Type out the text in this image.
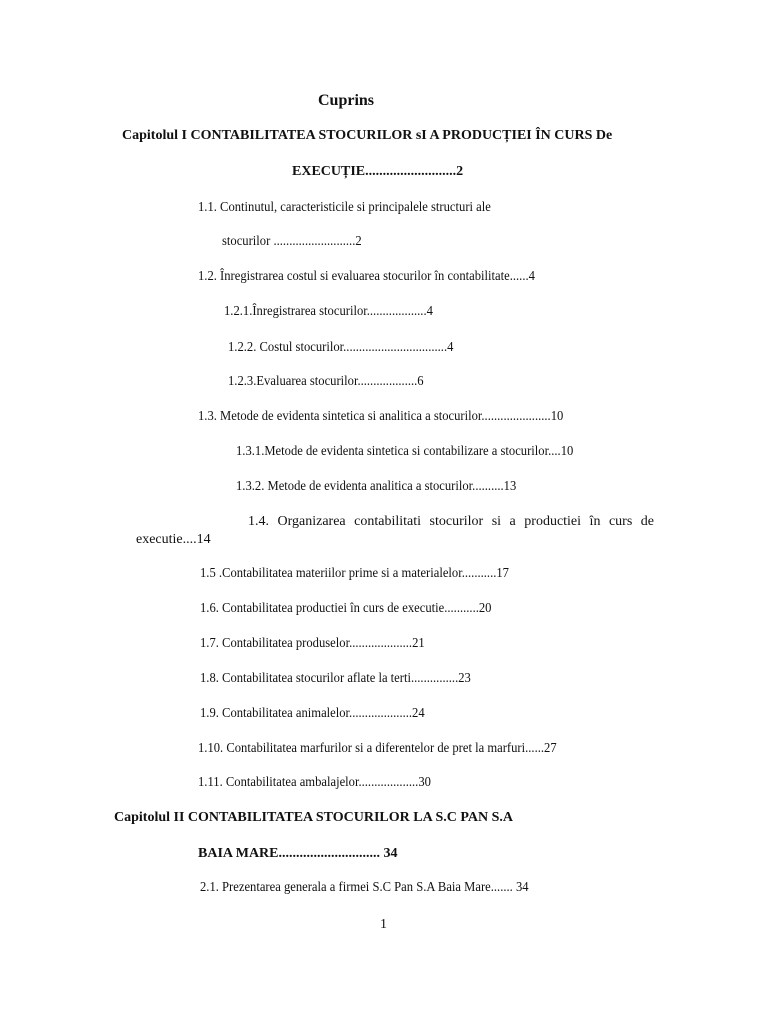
Cuprins
Capitolul I CONTABILITATEA STOCURILOR sI A PRODUCȚIEI ÎN CURS De
EXECUȚIE..........................2
1.1. Continutul, caracteristicile si principalele structuri ale
stocurilor ..........................2
1.2. Înregistrarea costul si evaluarea stocurilor în contabilitate......4
1.2.1.Înregistrarea stocurilor...................4
1.2.2. Costul stocurilor.................................4
1.2.3.Evaluarea stocurilor...................6
1.3. Metode de evidenta sintetica si analitica a stocurilor......................10
1.3.1.Metode de evidenta sintetica si contabilizare a stocurilor....10
1.3.2. Metode de evidenta analitica a stocurilor..........13
1.4. Organizarea contabilitati stocurilor si a productiei în curs de executie....14
1.5 .Contabilitatea materiilor prime si a materialelor...........17
1.6. Contabilitatea productiei în curs de executie...........20
1.7. Contabilitatea produselor....................21
1.8. Contabilitatea stocurilor aflate la terti...............23
1.9. Contabilitatea animalelor....................24
1.10. Contabilitatea marfurilor si a diferentelor de pret la marfuri......27
1.11. Contabilitatea ambalajelor...................30
Capitolul II CONTABILITATEA STOCURILOR LA S.C PAN S.A
BAIA MARE............................. 34
2.1. Prezentarea generala a firmei S.C Pan S.A Baia Mare....... 34
1
